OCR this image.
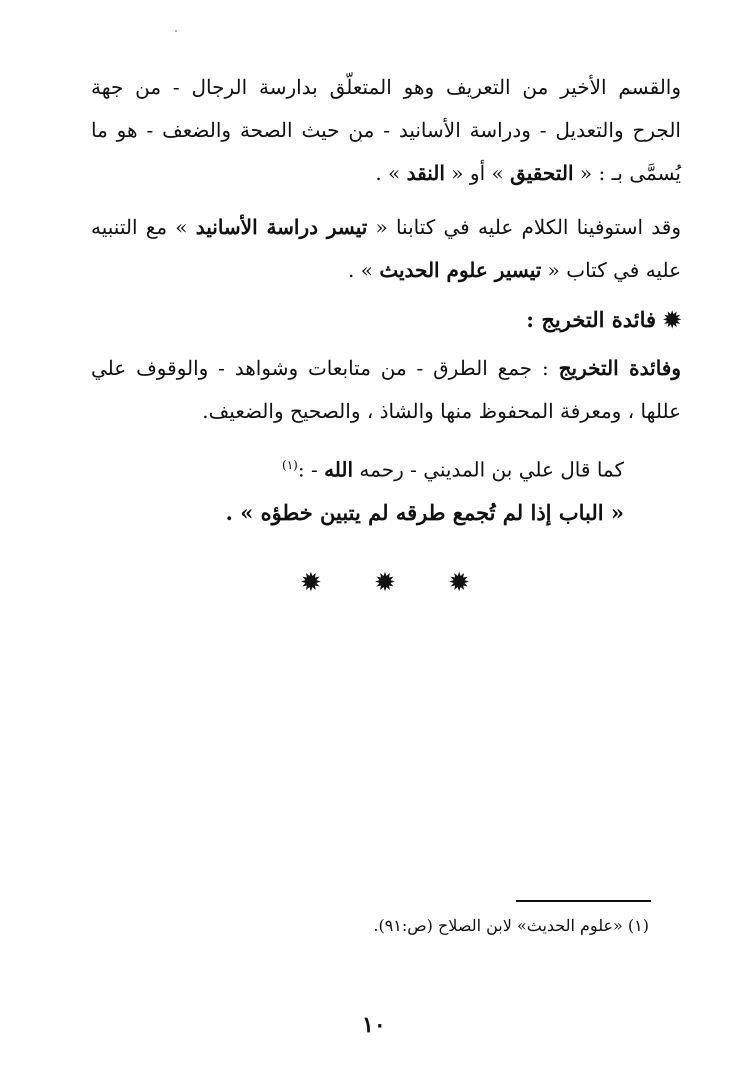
والقسم الأخير من التعريف وهو المتعلّق بدارسة الرجال - من جهة الجرح والتعديل - ودراسة الأسانيد - من حيث الصحة والضعف - هو ما يُسمَّى بـ : « التحقيق » أو « النقد » .
وقد استوفينا الكلام عليه في كتابنا « تيسر دراسة الأسانيد » مع التنبيه عليه في كتاب « تيسير علوم الحديث » .
✹ فائدة التخريج :
وفائدة التخريج : جمع الطرق - من متابعات وشواهد - والوقوف علي عللها ، ومعرفة المحفوظ منها والشاذ ، والصحيح والضعيف.
كما قال علي بن المديني - رحمه الله - :$^{(١)}$
« الباب إذا لم تُجمع طرقه لم يتبين خطؤه » .
✹ ✹ ✹
(١) «علوم الحديث» لابن الصلاح (ص:٩١).
١٠
